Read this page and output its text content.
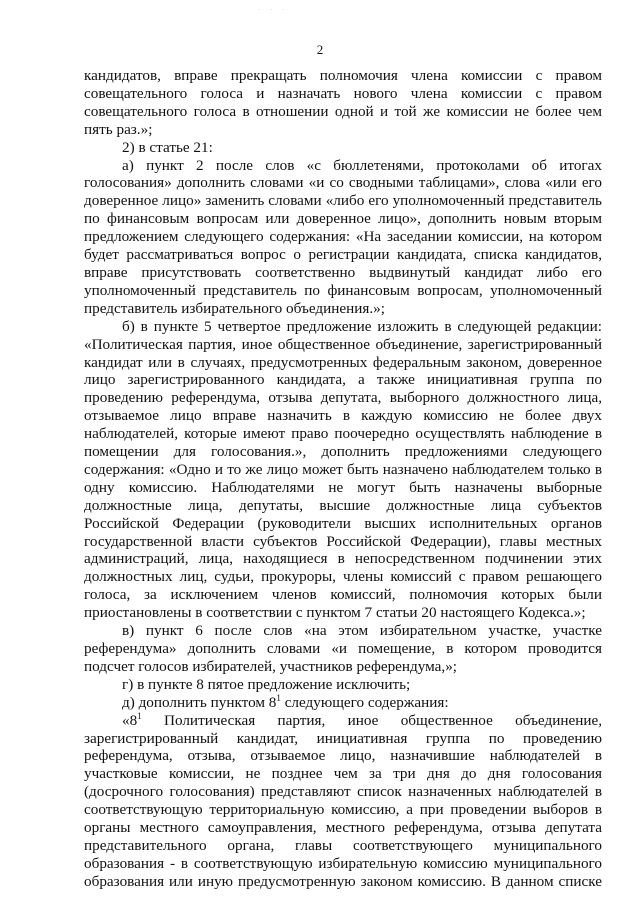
· · ·
2

кандидатов, вправе прекращать полномочия члена комиссии с правом совещательного голоса и назначать нового члена комиссии с правом совещательного голоса в отношении одной и той же комиссии не более чем пять раз.»;

2) в статье 21:

а) пункт 2 после слов «с бюллетенями, протоколами об итогах голосования» дополнить словами «и со сводными таблицами», слова «или его доверенное лицо» заменить словами «либо его уполномоченный представитель по финансовым вопросам или доверенное лицо», дополнить новым вторым предложением следующего содержания: «На заседании комиссии, на котором будет рассматриваться вопрос о регистрации кандидата, списка кандидатов, вправе присутствовать соответственно выдвинутый кандидат либо его уполномоченный представитель по финансовым вопросам, уполномоченный представитель избирательного объединения.»;

б) в пункте 5 четвертое предложение изложить в следующей редакции: «Политическая партия, иное общественное объединение, зарегистрированный кандидат или в случаях, предусмотренных федеральным законом, доверенное лицо зарегистрированного кандидата, а также инициативная группа по проведению референдума, отзыва депутата, выборного должностного лица, отзываемое лицо вправе назначить в каждую комиссию не более двух наблюдателей, которые имеют право поочередно осуществлять наблюдение в помещении для голосования.», дополнить предложениями следующего содержания: «Одно и то же лицо может быть назначено наблюдателем только в одну комиссию. Наблюдателями не могут быть назначены выборные должностные лица, депутаты, высшие должностные лица субъектов Российской Федерации (руководители высших исполнительных органов государственной власти субъектов Российской Федерации), главы местных администраций, лица, находящиеся в непосредственном подчинении этих должностных лиц, судьи, прокуроры, члены комиссий с правом решающего голоса, за исключением членов комиссий, полномочия которых были приостановлены в соответствии с пунктом 7 статьи 20 настоящего Кодекса.»;

в) пункт 6 после слов «на этом избирательном участке, участке референдума» дополнить словами «и помещение, в котором проводится подсчет голосов избирателей, участников референдума,»;

г) в пункте 8 пятое предложение исключить;

д) дополнить пунктом $8^1$ следующего содержания:

«$8^1$ Политическая партия, иное общественное объединение, зарегистрированный кандидат, инициативная группа по проведению референдума, отзыва, отзываемое лицо, назначившие наблюдателей в участковые комиссии, не позднее чем за три дня до дня голосования (досрочного голосования) представляют список назначенных наблюдателей в соответствующую территориальную комиссию, а при проведении выборов в органы местного самоуправления, местного референдума, отзыва депутата представительного органа, главы соответствующего муниципального образования - в соответствующую избирательную комиссию муниципального образования или иную предусмотренную законом комиссию. В данном списке
